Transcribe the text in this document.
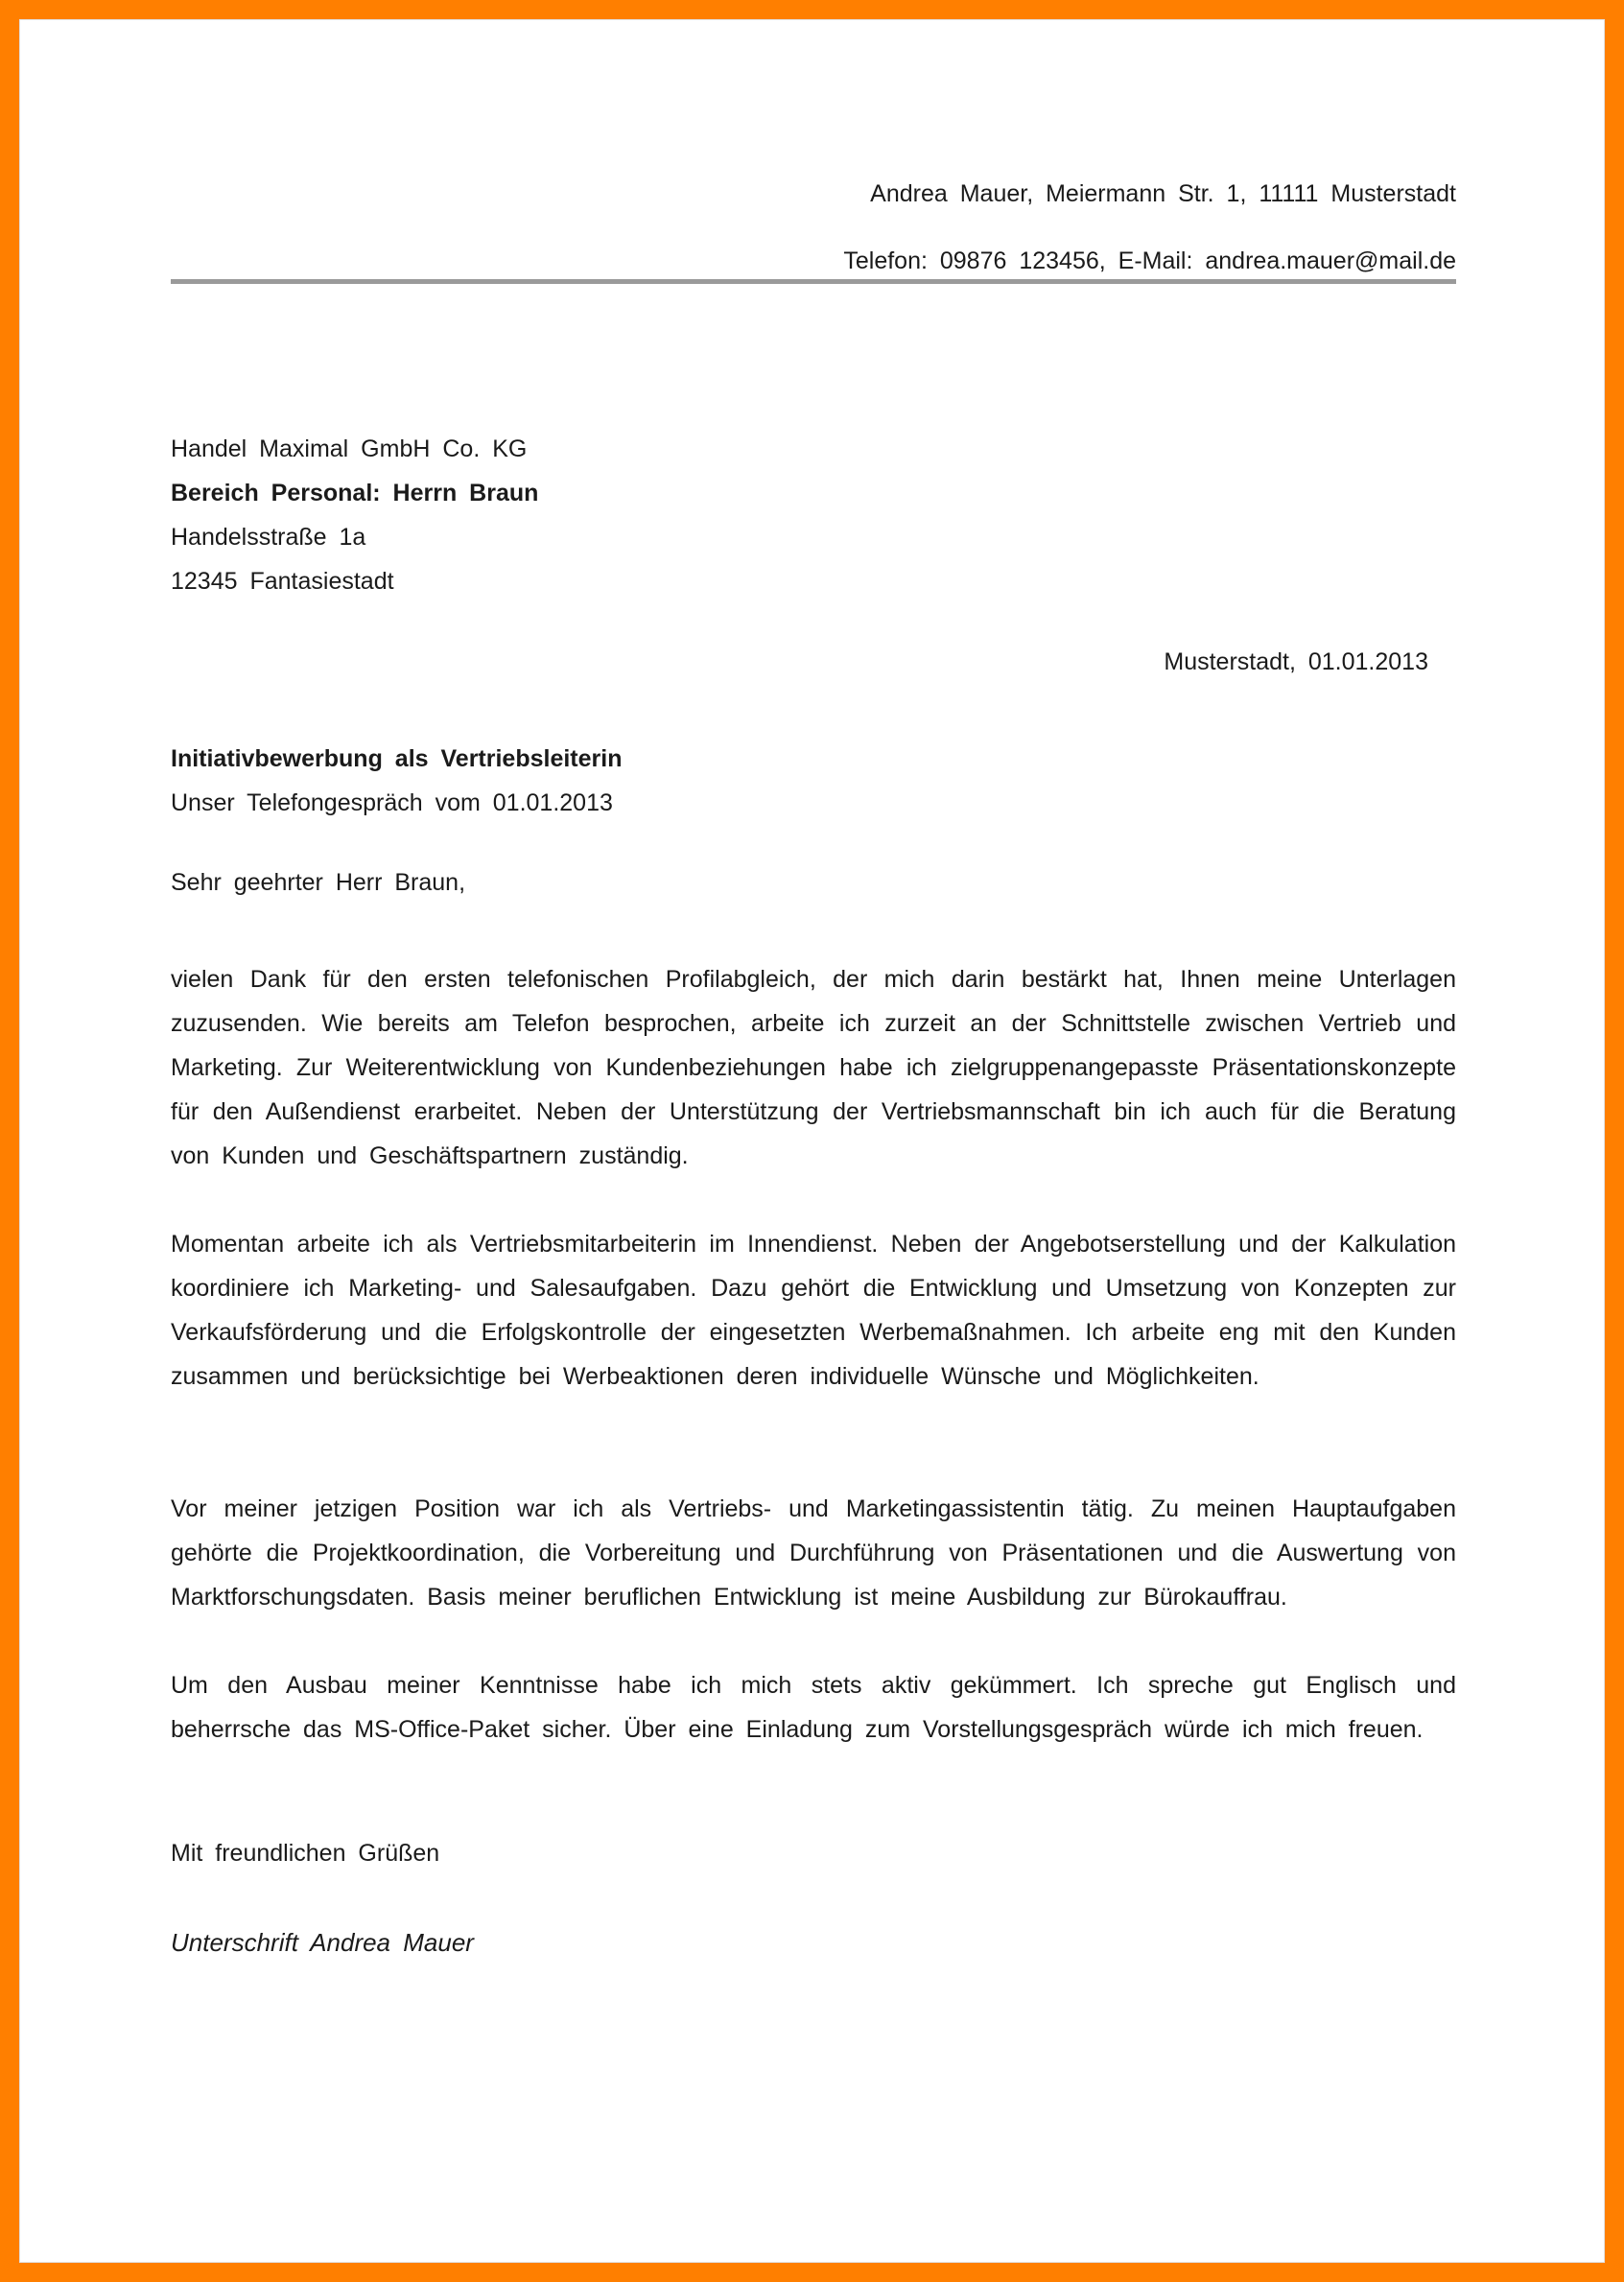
Andrea Mauer, Meiermann Str. 1, 11111 Musterstadt
Telefon: 09876 123456, E-Mail: andrea.mauer@mail.de
Handel Maximal GmbH Co. KG
Bereich Personal: Herrn Braun
Handelsstraße 1a
12345 Fantasiestadt
Musterstadt, 01.01.2013
Initiativbewerbung als Vertriebsleiterin
Unser Telefongespräch vom 01.01.2013
Sehr geehrter Herr Braun,
vielen Dank für den ersten telefonischen Profilabgleich, der mich darin bestärkt hat, Ihnen meine Unterlagen zuzusenden. Wie bereits am Telefon besprochen, arbeite ich zurzeit an der Schnittstelle zwischen Vertrieb und Marketing. Zur Weiterentwicklung von Kundenbeziehungen habe ich zielgruppenangepasste Präsentationskonzepte für den Außendienst erarbeitet. Neben der Unterstützung der Vertriebsmannschaft bin ich auch für die Beratung von Kunden und Geschäftspartnern zuständig.
Momentan arbeite ich als Vertriebsmitarbeiterin im Innendienst. Neben der Angebotserstellung und der Kalkulation koordiniere ich Marketing- und Salesaufgaben. Dazu gehört die Entwicklung und Umsetzung von Konzepten zur Verkaufsförderung und die Erfolgskontrolle der eingesetzten Werbemaßnahmen. Ich arbeite eng mit den Kunden zusammen und berücksichtige bei Werbeaktionen deren individuelle Wünsche und Möglichkeiten.
Vor meiner jetzigen Position war ich als Vertriebs- und Marketingassistentin tätig. Zu meinen Hauptaufgaben gehörte die Projektkoordination, die Vorbereitung und Durchführung von Präsentationen und die Auswertung von Marktforschungsdaten. Basis meiner beruflichen Entwicklung ist meine Ausbildung zur Bürokauffrau.
Um den Ausbau meiner Kenntnisse habe ich mich stets aktiv gekümmert. Ich spreche gut Englisch und beherrsche das MS-Office-Paket sicher. Über eine Einladung zum Vorstellungsgespräch würde ich mich freuen.
Mit freundlichen Grüßen
Unterschrift Andrea Mauer
